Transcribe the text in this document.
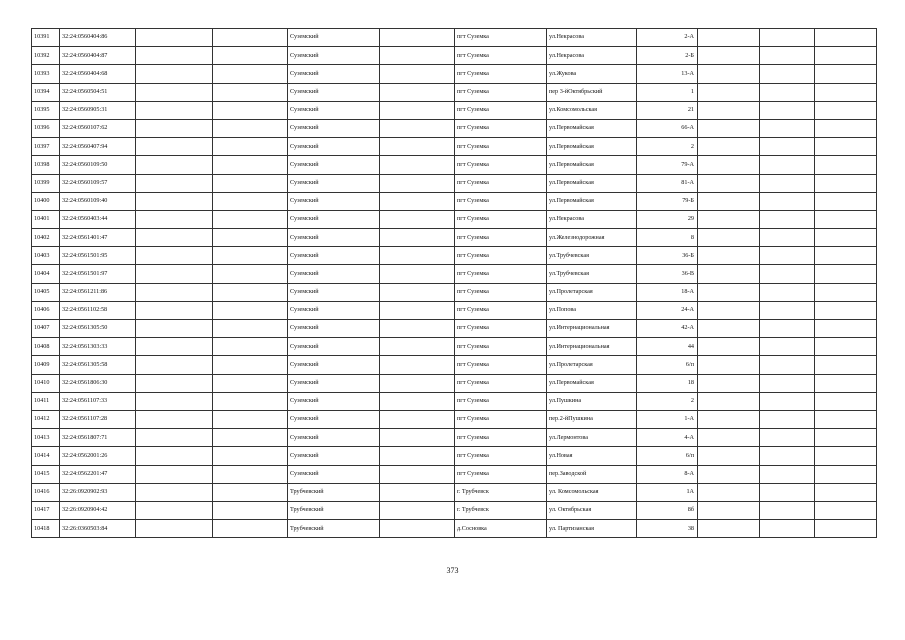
10391	32:24:0560404:86			Суземский		пгт Суземка	ул.Некрасова	2-А			
10392	32:24:0560404:87			Суземский		пгт Суземка	ул.Некрасова	2-Б			
10393	32:24:0560404:68			Суземский		пгт Суземка	ул.Жукова	13-А			
10394	32:24:0560504:51			Суземский		пгт Суземка	пер 3-йОктябрьский	1			
10395	32:24:0560905:31			Суземский		пгт Суземка	ул.Комсомольская	21			
10396	32:24:0560107:62			Суземский		пгт Суземка	ул.Первомайская	66-А			
10397	32:24:0560407:94			Суземский		пгт Суземка	ул.Первомайская	2			
10398	32:24:0560109:50			Суземский		пгт Суземка	ул.Первомайская	79-А			
10399	32:24:0560109:57			Суземский		пгт Суземка	ул.Первомайская	81-А			
10400	32:24:0560109:40			Суземский		пгт Суземка	ул.Первомайская	79-Б			
10401	32:24:0560403:44			Суземский		пгт Суземка	ул.Некрасова	29			
10402	32:24:0561401:47			Суземский		пгт Суземка	ул.Железнодорожная	8			
10403	32:24:0561501:95			Суземский		пгт Суземка	ул.Трубчевская	36-Б			
10404	32:24:0561501:97			Суземский		пгт Суземка	ул.Трубчевская	36-В			
10405	32:24:0561211:86			Суземский		пгт Суземка	ул.Пролетарская	18-А			
10406	32:24:0561102:58			Суземский		пгт Суземка	ул.Попова	24-А			
10407	32:24:0561305:50			Суземский		пгт Суземка	ул.Интернациональная	42-А			
10408	32:24:0561303:33			Суземский		пгт Суземка	ул.Интернациональная	44			
10409	32:24:0561305:58			Суземский		пгт Суземка	ул.Пролетарская	6/п			
10410	32:24:0561806:30			Суземский		пгт Суземка	ул.Первомайская	18			
10411	32:24:0561107:33			Суземский		пгт Суземка	ул.Пушкина	2			
10412	32:24:0561107:28			Суземский		пгт Суземка	пер.2-йПушкина	1-А			
10413	32:24:0561807:71			Суземский		пгт Суземка	ул.Лермонтова	4-А			
10414	32:24:0562001:26			Суземский		пгт Суземка	ул.Новая	6/п			
10415	32:24:0562201:47			Суземский		пгт Суземка	пер.Заводской	8-А			
10416	32:26:0920902:93			Трубчевский		г. Трубчевск	ул. Комсомольская	1А			
10417	32:26:0920904:42			Трубчевский		г. Трубчевск	ул. Октябрьская	8б			
10418	32:26:0360503:84			Трубчевский		д.Сосновка	ул. Партизанская	38			
373
